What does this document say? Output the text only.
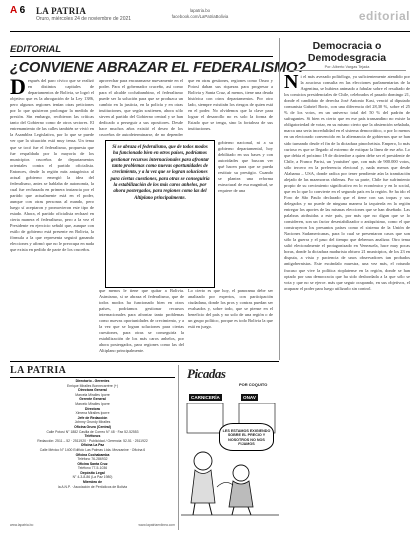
A 6 LA PATRIA
Oruro, miércoles 24 de noviembre de 2021
lapatria.bo
facebook.com/LaPatriaBolivia	editorial
EDITORIAL
¿CONVIENE ABRAZAR EL FEDERALISMO?
Después del paro cívico que se realizó en distintos capitales de departamentos de Bolivia, se logró el objetivo que es la abrogación de la Ley 1386, pero algunos regiones tenían otras peticiones por lo que quisieron prolongar la medida de presión. Sin embargo, recibieron las críticas tanto del Gobierno como de otros sectores. El entrenamiento de las calles también se vivió en la Asamblea Legislativa, por lo que se puede ver que la situación está muy tensa. Un tema que se tocó fue el federalismo, propuesta que fue respaldada por la mayoría de los municipios cruceños de departamentos orientales contra el partido oficialista. Entonces, desde la región más antagónica al actual gobierno emergió la idea del federalismo, antes se hablaba de autonomía, la cual fue rechazada en primera instancia por el partido que actualmente está en el poder, aunque con otras personas al mando, pero luego sí aceptaron y promovieron este tipo de estado. Ahora, el partido oficialista rechazó en cierta manera el federalismo, pero a la vez el Presidente en ejercicio señaló que, aunque con estilo de gobierno está presente en Bolivia, la fórmula a la que representa seguirá ganando elecciones y afirmó que no le preocupa en nada que exista en pedido de parte de los cruceños.
aprovechar para encaramarse nuevamente en el poder. Para el gobernador cruceño, así como para el alcalde cochabambino, el federalismo puede ser la solución para que se produzca un cambio en la justicia, en la policía y en otras instituciones, que según sostienen, ahora sólo sirven al partido del Gobierno central y se han dedicado a perseguir a sus opositores. Desde hace muchos años existió el deseo de los cruceños de autodeterminarse, de no depender
que en otras gestiones, regiones como Oruro y Potosí daban sus riquezas para progresar a Bolivia y Santa Cruz, al menos, tiene una deuda histórica con otros departamentos. Por otro lado, siempre existirán los riesgos de quien está en el poder. No olvidemos que la clave para lograr el desarrollo no es solo la forma de Estado que se tenga, sino la fortaleza de sus instituciones.
Si se abraza el federalismo, que de todos modos ha funcionado bien en otros países, podríamos gestionar recursos internacionales para afrontar tanto problemas como nuevas oportunidades de crecimiento, y a la vez que se logran soluciones para ciertas cuestiones, para otras se conseguiría la estabilización de los más caros anhelos, por ahora postergados, para regiones como las del Altiplano principalmente.
gobierno nacional, ni a su gobierno departamental, hoy debilitado en sus bases y con autoridades que buscan ver qué hacen para que se pueda restituir su prestigio. Cuando se plantea una reforma estructural de esa magnitud, se requiere de una
que menos le tiene que quitar a Bolivia. Asimismo, si se abraza el federalismo, que de todos modos ha funcionado bien en otros países, podríamos gestionar recursos internacionales para afrontar tanto problemas como nuevas oportunidades de crecimiento, y a la vez que se logran soluciones para ciertas cuestiones, para otras se conseguiría la estabilización de los más caros anhelos, por ahora postergados, para regiones como las del Altiplano principalmente.
Lo cierto es que hoy, el panorama debe ser analizado por expertos, con participación ciudadana, donde los pros y contras puedan ser evaluados y, sobre todo, que se piense en el beneficio del país y no solo de una región o de un grupo político, porque es todo Bolivia la que está en juego.
Democracia o Demodesgracia
Por: Alberto Vargas Tejada
Ni el más avezado politólogo, ya suficientemente atendido por la acuciosa consulta en las elecciones parlamentarias de la Argentina, se hubiera animado a fabular sobre el resultado de los comicios presidenciales de Chile, celebrados el pasado domingo 21, donde el candidato de derecha José Antonio Kast, venció al diputado comunista Gabriel Boric, con una diferencia del 28,30 %, sobre el 25 % de los votos, en un universo total del 50 % del padrón de sufragantes. Si bien es cierto que en ese país transandino no existe la obligatoriedad de votar, en su mismo cierto que la abstención señalada, marca una seria incredulidad en el sistema democrático, o por lo menos en un electorado convencido en la alternancia de gobiernos que se han sido turnando desde el fin de la dictadura pinochetista. Empero, lo más curioso es que se llegado al extremo de extirpar la línea de ese año. Lo que debía el próximo 19 de diciembre a quien debe ser el presidente de Chile, a Franco Parisi, un 'youtuber' que, con más de 900.000 votos, sólo tercero en la preferencia electoral y, nada menos que desde Alabama – USA, donde radica por tener pendiente aún la tramitación alejado de las mazmorras chilenas. Por su parte, Chile fue sufrimiento propio de su crecimiento significativo en lo económico y en lo social, que en lo que lo convierte en el segundo país en la región. Se ha ido el Foro de São Paulo declarado que el tiene con sus tropas y sus delegados y no puede de ninguna manera la izquierda en la región entregar los aportes de las mismas elecciones que se han diseñado. Las palabras atribuidas a este país, por más que no digan que se lo consideren, son un factor desestabilizador o antiquísimo, como el que construyeron los presuntos países como el sistema de la Unión de Naciones Sudamericanas, para lo cual se presentaron casos que son sólo la guerra y el paso del tiempo que debemos analizar. Otro tema salió electoralmente el protagonizado en Venezuela, hace muy pocas horas, donde la dictadura madurista obtuvo 21 municipios, de los 23 en disputa, a vista y paciencia de unos observadores tan probados antigobernistas. Este escándalo muestra, una vez más, el rotundo fracaso que vive la política rioplatense en la región, donde se han optado por una democracia que ha sido desbordada a la que sólo se vota y que no se ejerce. más que seguir ocupando, en sus objetivos, el acaparar el poder para luego utilizarlo sin control.
LA PATRIA
Directorio - Gerentes
Enrique Miralles Bonnecarrère (+)
Directora General
Marcela Miralles Iporre
Gerente General
Marcelo Miralles Iporre
Directora
Ximena Miralles Iporre
Jefe de Redacción
Johnny Grundy Miralles
Oficina Oruro (Central)
Calle Potosí N° 1882 Casilla de Correo N° 48 · Fax 52-52553
Teléfonos
Redacción: 2511 – 52 · 2511920 · Publicidad / Gerencia: 52-51 · 2511922
Oficina La Paz
Calle México N° 1400 Edificio Las Palmas Ltda. Mezzanine · Oficina 6
Oficina Cochabamba
Teléfono 76-286932
Oficina Santa Cruz
Teléfono 77-5-1036
Depósito Legal
N° 4-3-8-86 (La Paz 1980)
Miembro de
la A.N.P. · Asociación de Periódicos de Bolivia
www.lapatria.bo	www.lapatriaenlinea.com
Picadas
POR COQUITO
CARNICERÍA	ONAV
LES ESTAMOS EXIGIENDO SOBRE EL PRECIO Y NOSOTROS NO NOS FIJAMOS
